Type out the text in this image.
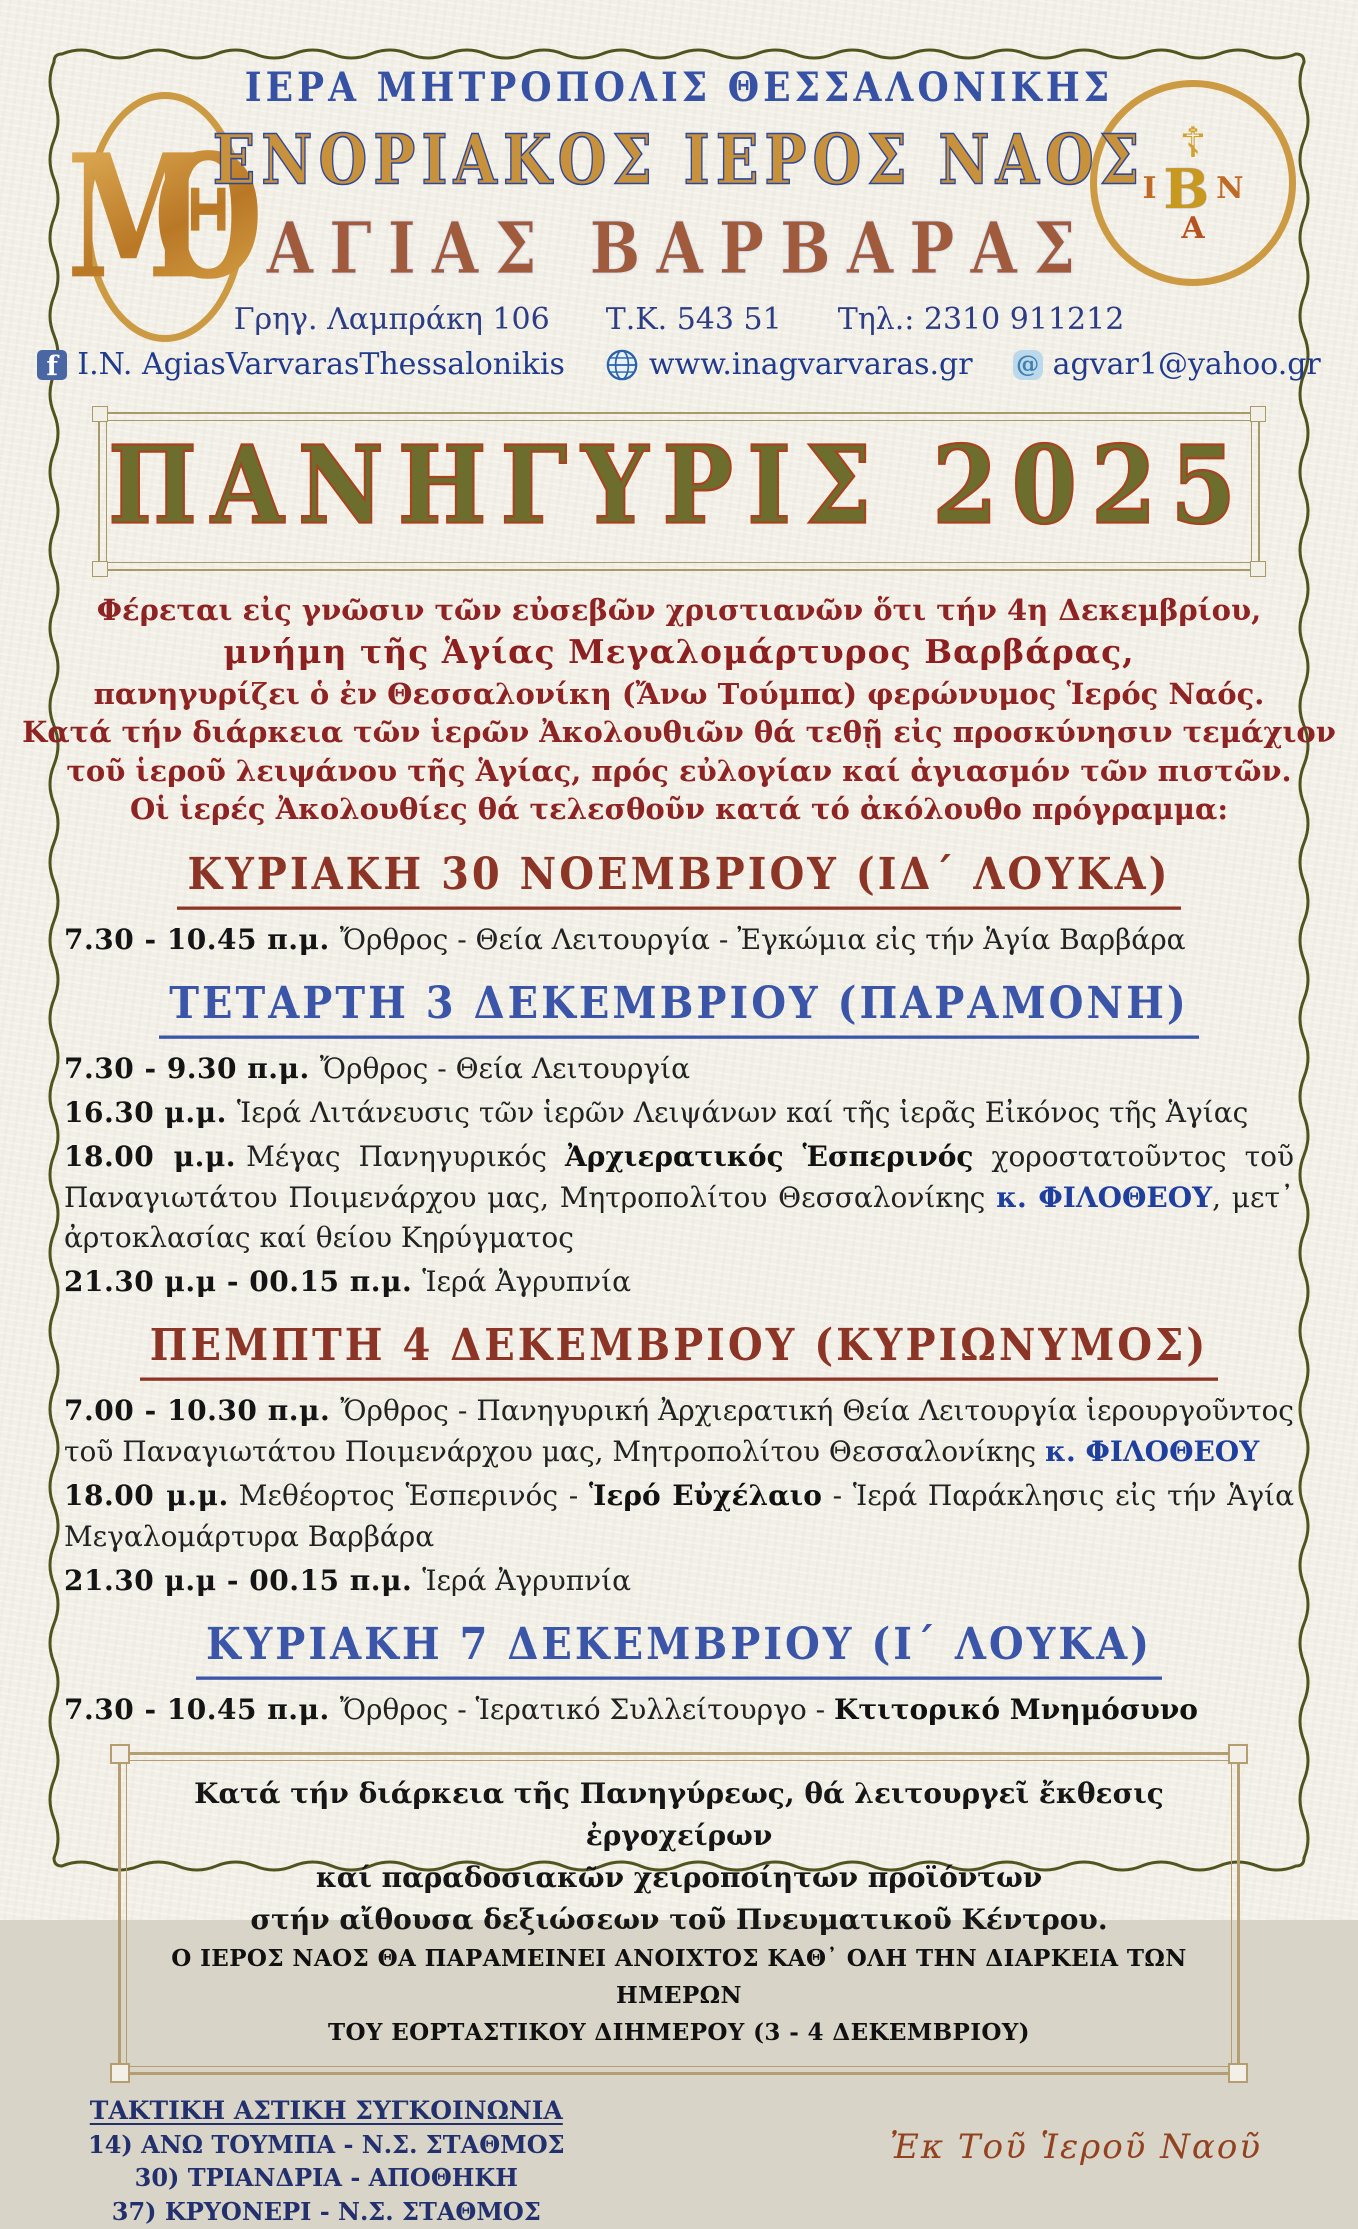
ΜΘ	☦
Ι Β Ν
Α
ΙΕΡΑ ΜΗΤΡΟΠΟΛΙΣ ΘΕΣΣΑΛΟΝΙΚΗΣ
ΕΝΟΡΙΑΚΟΣ ΙΕΡΟΣ ΝΑΟΣ
ΑΓΙΑΣ ΒΑΡΒΑΡΑΣ
Γρηγ. Λαμπράκη 106 Τ.Κ. 543 51 Τηλ.: 2310 911212
f I.N. AgiasVarvarasThessalonikis	www.inagvarvaras.gr @ agvar1@yahoo.gr
ΠΑΝΗΓΥΡΙΣ 2025

Φέρεται εἰς γνῶσιν τῶν εὐσεβῶν χριστιανῶν ὅτι τήν 4η Δεκεμβρίου,

μνήμη τῆς Ἁγίας Μεγαλομάρτυρος Βαρβάρας,

πανηγυρίζει ὁ ἐν Θεσσαλονίκη (Ἄνω Τούμπα) φερώνυμος Ἱερός Ναός.

Κατά τήν διάρκεια τῶν ἱερῶν Ἀκολουθιῶν θά τεθῇ εἰς προσκύνησιν τεμάχιον

τοῦ ἱεροῦ λειψάνου τῆς Ἁγίας, πρός εὐλογίαν καί ἁγιασμόν τῶν πιστῶν.

Οἱ ἱερές Ἀκολουθίες θά τελεσθοῦν κατά τό ἀκόλουθο πρόγραμμα:

ΚΥΡΙΑΚΗ 30 ΝΟΕΜΒΡΙΟΥ (ΙΔ΄ ΛΟΥΚΑ)

7.30 - 10.45 π.μ. Ὄρθρος - Θεία Λειτουργία - Ἐγκώμια εἰς τήν Ἁγία Βαρβάρα

ΤΕΤΑΡΤΗ 3 ΔΕΚΕΜΒΡΙΟΥ (ΠΑΡΑΜΟΝΗ)

7.30 - 9.30 π.μ. Ὄρθρος - Θεία Λειτουργία

16.30 μ.μ. Ἱερά Λιτάνευσις τῶν ἱερῶν Λειψάνων καί τῆς ἱερᾶς Εἰκόνος τῆς Ἁγίας

18.00 μ.μ. Μέγας Πανηγυρικός Ἀρχιερατικός Ἑσπερινός χοροστατοῦντος τοῦ Παναγιωτάτου Ποιμενάρχου μας, Μητροπολίτου Θεσσαλονίκης κ. ΦΙΛΟΘΕΟΥ, μετ᾽ ἀρτοκλασίας καί θείου Κηρύγματος

21.30 μ.μ - 00.15 π.μ. Ἱερά Ἀγρυπνία

ΠΕΜΠΤΗ 4 ΔΕΚΕΜΒΡΙΟΥ (ΚΥΡΙΩΝΥΜΟΣ)

7.00 - 10.30 π.μ. Ὄρθρος - Πανηγυρική Ἀρχιερατική Θεία Λειτουργία ἱερουργοῦντος τοῦ Παναγιωτάτου Ποιμενάρχου μας, Μητροπολίτου Θεσσαλονίκης κ. ΦΙΛΟΘΕΟΥ

18.00 μ.μ. Μεθέορτος Ἑσπερινός - Ἱερό Εὐχέλαιο - Ἱερά Παράκλησις εἰς τήν Ἁγία Μεγαλομάρτυρα Βαρβάρα

21.30 μ.μ - 00.15 π.μ. Ἱερά Ἀγρυπνία

ΚΥΡΙΑΚΗ 7 ΔΕΚΕΜΒΡΙΟΥ (Ι΄ ΛΟΥΚΑ)

7.30 - 10.45 π.μ. Ὄρθρος - Ἱερατικό Συλλείτουργο - Κτιτορικό Μνημόσυνο

Κατά τήν διάρκεια τῆς Πανηγύρεως, θά λειτουργεῖ ἔκθεσις ἐργοχείρων

καί παραδοσιακῶν χειροποίητων προϊόντων

στήν αἴθουσα δεξιώσεων τοῦ Πνευματικοῦ Κέντρου.

Ο ΙΕΡΟΣ ΝΑΟΣ ΘΑ ΠΑΡΑΜΕΙΝΕΙ ΑΝΟΙΧΤΟΣ ΚΑΘ᾽ ΟΛΗ ΤΗΝ ΔΙΑΡΚΕΙΑ ΤΩΝ ΗΜΕΡΩΝ

ΤΟΥ ΕΟΡΤΑΣΤΙΚΟΥ ΔΙΗΜΕΡΟΥ (3 - 4 ΔΕΚΕΜΒΡΙΟΥ)

ΤΑΚΤΙΚΗ ΑΣΤΙΚΗ ΣΥΓΚΟΙΝΩΝΙΑ

14) ΑΝΩ ΤΟΥΜΠΑ - Ν.Σ. ΣΤΑΘΜΟΣ

30) ΤΡΙΑΝΔΡΙΑ - ΑΠΟΘΗΚΗ

37) ΚΡΥΟΝΕΡΙ - Ν.Σ. ΣΤΑΘΜΟΣ

Ἐκ Τοῦ Ἱεροῦ Ναοῦ
